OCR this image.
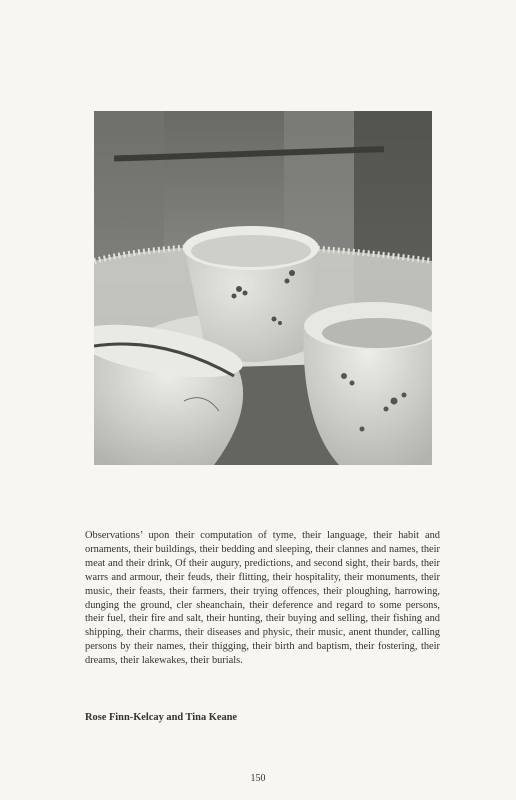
Observations’ upon their computation of tyme, their language, their habit and ornaments, their buildings, their bedding and sleeping, their clannes and names, their meat and their drink, Of their augury, predictions, and second sight, their bards, their warrs and armour, their feuds, their flitting, their hospitality, their monuments, their music, their feasts, their farmers, their trying offences, their ploughing, harrowing, dunging the ground, cler sheanchain, their deference and regard to some persons, their fuel, their fire and salt, their hunting, their buying and selling, their fishing and shipping, their charms, their diseases and physic, their music, anent thunder, calling persons by their names, their thigging, their birth and baptism, their fostering, their dreams, their lakewakes, their burials.

Rose Finn-Kelcay and Tina Keane

150
